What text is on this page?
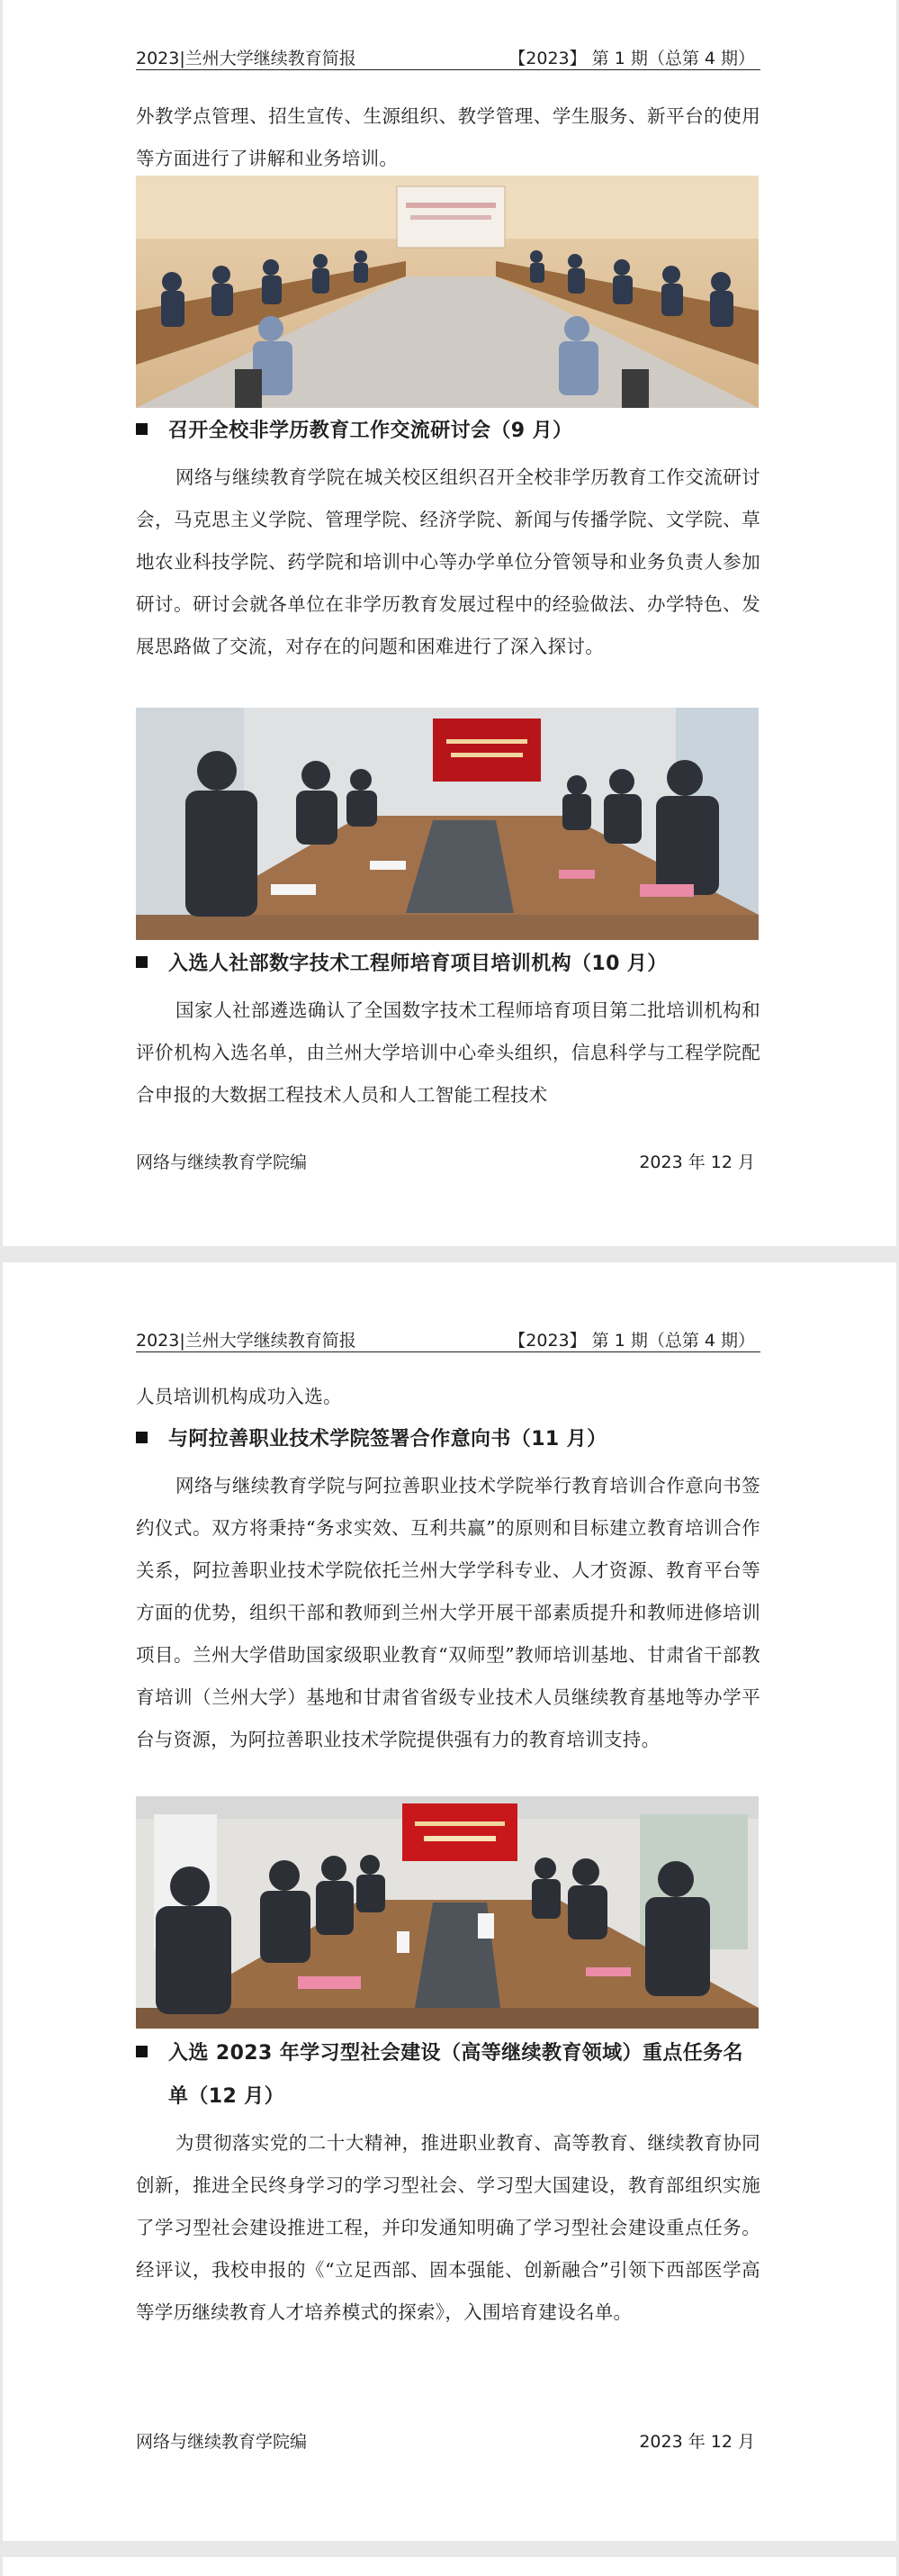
2023|兰州大学继续教育简报	【2023】 第 1 期（总第 4 期）

外教学点管理、招生宣传、生源组织、教学管理、学生服务、新平台的使用等方面进行了讲解和业务培训。

召开全校非学历教育工作交流研讨会（9 月）

网络与继续教育学院在城关校区组织召开全校非学历教育工作交流研讨会，马克思主义学院、管理学院、经济学院、新闻与传播学院、文学院、草地农业科技学院、药学院和培训中心等办学单位分管领导和业务负责人参加研讨。研讨会就各单位在非学历教育发展过程中的经验做法、办学特色、发展思路做了交流，对存在的问题和困难进行了深入探讨。

入选人社部数字技术工程师培育项目培训机构（10 月）

国家人社部遴选确认了全国数字技术工程师培育项目第二批培训机构和评价机构入选名单，由兰州大学培训中心牵头组织，信息科学与工程学院配合申报的大数据工程技术人员和人工智能工程技术

网络与继续教育学院编	2023 年 12 月
2023|兰州大学继续教育简报	【2023】 第 1 期（总第 4 期）

人员培训机构成功入选。

与阿拉善职业技术学院签署合作意向书（11 月）

网络与继续教育学院与阿拉善职业技术学院举行教育培训合作意向书签约仪式。双方将秉持“务求实效、互利共赢”的原则和目标建立教育培训合作关系，阿拉善职业技术学院依托兰州大学学科专业、人才资源、教育平台等方面的优势，组织干部和教师到兰州大学开展干部素质提升和教师进修培训项目。兰州大学借助国家级职业教育“双师型”教师培训基地、甘肃省干部教育培训（兰州大学）基地和甘肃省省级专业技术人员继续教育基地等办学平台与资源，为阿拉善职业技术学院提供强有力的教育培训支持。

入选 2023 年学习型社会建设（高等继续教育领域）重点任务名单（12 月）

为贯彻落实党的二十大精神，推进职业教育、高等教育、继续教育协同创新，推进全民终身学习的学习型社会、学习型大国建设，教育部组织实施了学习型社会建设推进工程，并印发通知明确了学习型社会建设重点任务。经评议，我校申报的《“立足西部、固本强能、创新融合”引领下西部医学高等学历继续教育人才培养模式的探索》，入围培育建设名单。

网络与继续教育学院编	2023 年 12 月
